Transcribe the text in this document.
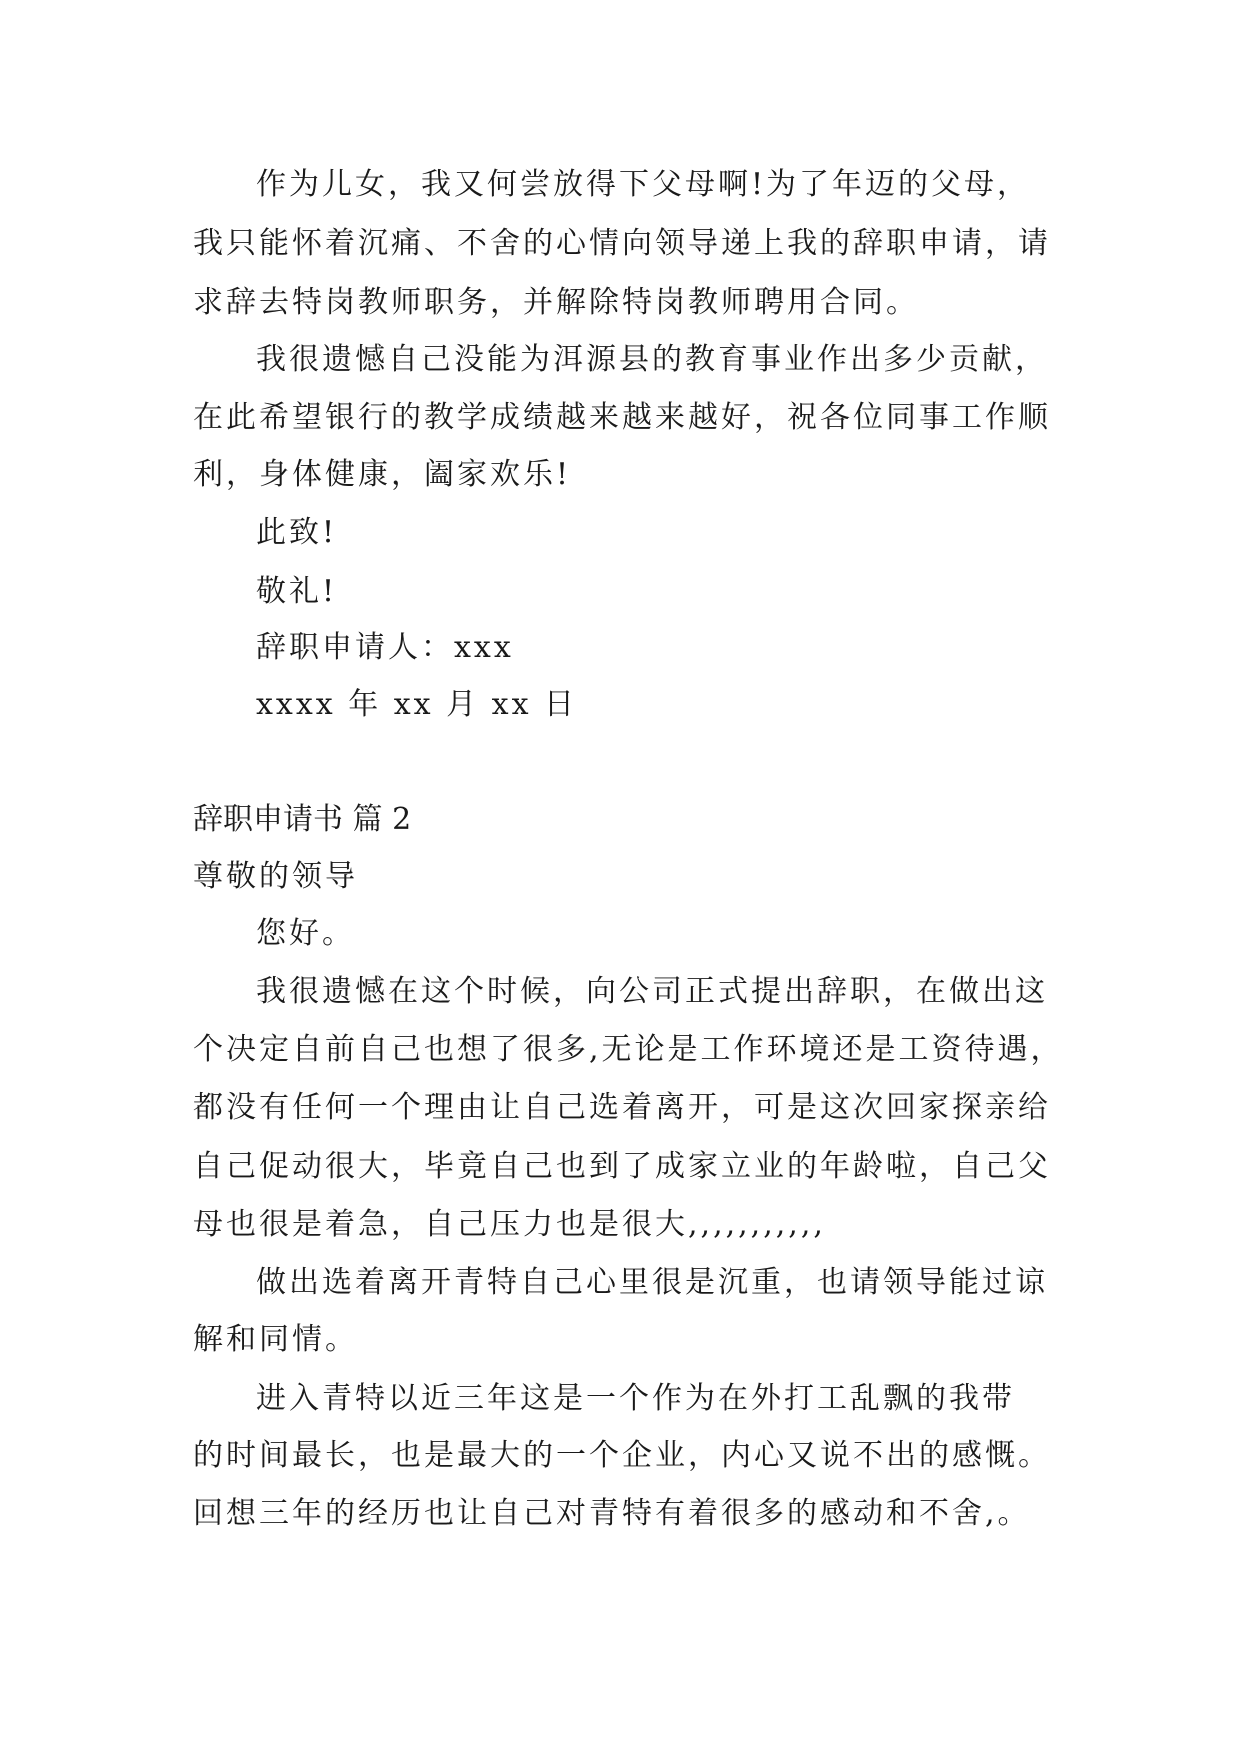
作为儿女，我又何尝放得下父母啊!为了年迈的父母，
我只能怀着沉痛、不舍的心情向领导递上我的辞职申请，请
求辞去特岗教师职务，并解除特岗教师聘用合同。
我很遗憾自己没能为洱源县的教育事业作出多少贡献，
在此希望银行的教学成绩越来越来越好，祝各位同事工作顺
利，身体健康，阖家欢乐!
此致!
敬礼!
辞职申请人：xxx
xxxx 年 xx 月 xx 日
辞职申请书 篇 2
尊敬的领导
您好。
我很遗憾在这个时候，向公司正式提出辞职，在做出这
个决定自前自己也想了很多,无论是工作环境还是工资待遇，
都没有任何一个理由让自己选着离开，可是这次回家探亲给
自己促动很大，毕竟自己也到了成家立业的年龄啦，自己父
母也很是着急，自己压力也是很大,,,,,,,,,,,
做出选着离开青特自己心里很是沉重，也请领导能过谅
解和同情。
进入青特以近三年这是一个作为在外打工乱飘的我带
的时间最长，也是最大的一个企业，内心又说不出的感慨。
回想三年的经历也让自己对青特有着很多的感动和不舍,。
